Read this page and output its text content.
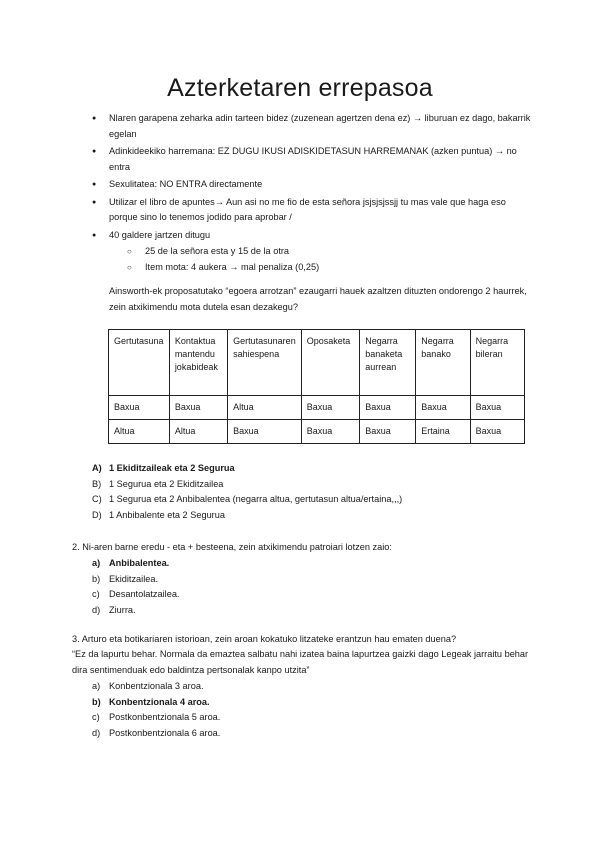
Azterketaren errepasoa
● Nlaren garapena zeharka adin tarteen bidez (zuzenean agertzen dena ez) → liburuan ez dago, bakarrik egelan
● Adinkideekiko harremana: EZ DUGU IKUSI ADISKIDETASUN HARREMANAK (azken puntua) → no entra
● Sexulitatea: NO ENTRA directamente
● Utilizar el libro de apuntes→ Aun asi no me fio de esta señora jsjsjsjssjj tu mas vale que haga eso porque sino lo tenemos jodido para aprobar /
● 40 galdere jartzen ditugu
○ 25 de la señora esta y 15 de la otra
○ Item mota: 4 aukera → mal penaliza (0,25)

Ainsworth-ek proposatutako “egoera arrotzan” ezaugarri hauek azaltzen dituzten ondorengo 2 haurrek, zein atxikimendu mota dutela esan dezakegu?

Gertutasuna	Kontaktua mantendu jokabideak	Gertutasunaren sahiespena	Oposaketa	Negarra banaketa aurrean	Negarra banako	Negarra bileran
Baxua	Baxua	Altua	Baxua	Baxua	Baxua	Baxua
Altua	Altua	Baxua	Baxua	Baxua	Ertaina	Baxua
A) 1 Ekiditzaileak eta 2 Segurua
B) 1 Segurua eta 2 Ekiditzailea
C) 1 Segurua eta 2 Anbibalentea (negarra altua, gertutasun altua/ertaina,,,)
D) 1 Anbibalente eta 2 Segurua

2. Ni-aren barne eredu - eta + besteena, zein atxikimendu patroiari lotzen zaio:

a) Anbibalentea.
b) Ekiditzailea.
c) Desantolatzailea.
d) Ziurra.

3. Arturo eta botikariaren istorioan, zein aroan kokatuko litzateke erantzun hau ematen duena?

“Ez da lapurtu behar. Normala da emaztea salbatu nahi izatea baina lapurtzea gaizki dago Legeak jarraitu behar dira sentimenduak edo baldintza pertsonalak kanpo utzita”

a) Konbentzionala 3 aroa.
b) Konbentzionala 4 aroa.
c) Postkonbentzionala 5 aroa.
d) Postkonbentzionala 6 aroa.
